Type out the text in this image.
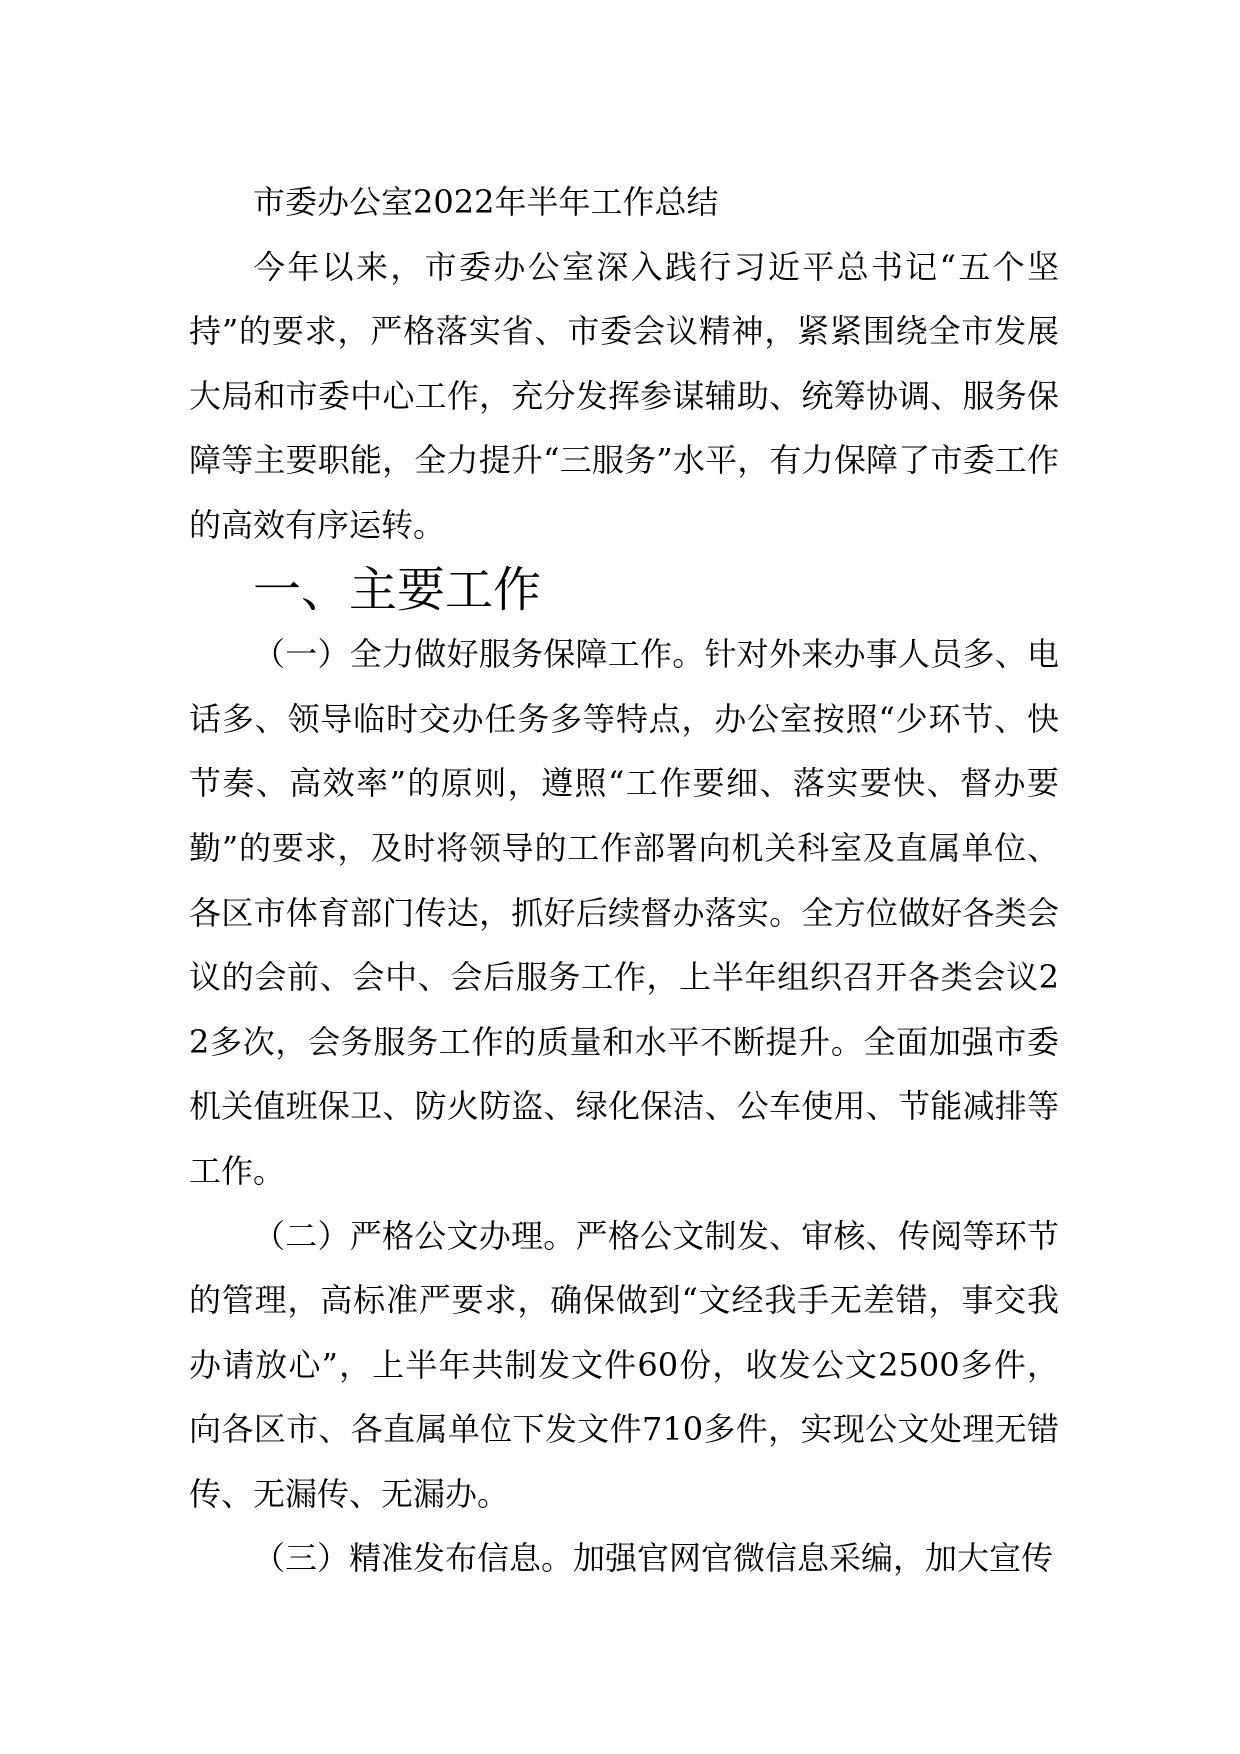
市委办公室2022年半年工作总结

今年以来，市委办公室深入践行习近平总书记“五个坚持”的要求，严格落实省、市委会议精神，紧紧围绕全市发展大局和市委中心工作，充分发挥参谋辅助、统筹协调、服务保障等主要职能，全力提升“三服务”水平，有力保障了市委工作的高效有序运转。

一、主要工作

（一）全力做好服务保障工作。针对外来办事人员多、电话多、领导临时交办任务多等特点，办公室按照“少环节、快节奏、高效率”的原则，遵照“工作要细、落实要快、督办要勤”的要求，及时将领导的工作部署向机关科室及直属单位、各区市体育部门传达，抓好后续督办落实。全方位做好各类会议的会前、会中、会后服务工作，上半年组织召开各类会议22多次，会务服务工作的质量和水平不断提升。全面加强市委机关值班保卫、防火防盗、绿化保洁、公车使用、节能减排等工作。

（二）严格公文办理。严格公文制发、审核、传阅等环节的管理，高标准严要求，确保做到“文经我手无差错，事交我办请放心”，上半年共制发文件60份，收发公文2500多件，向各区市、各直属单位下发文件710多件，实现公文处理无错传、无漏传、无漏办。

（三）精准发布信息。加强官网官微信息采编，加大宣传
